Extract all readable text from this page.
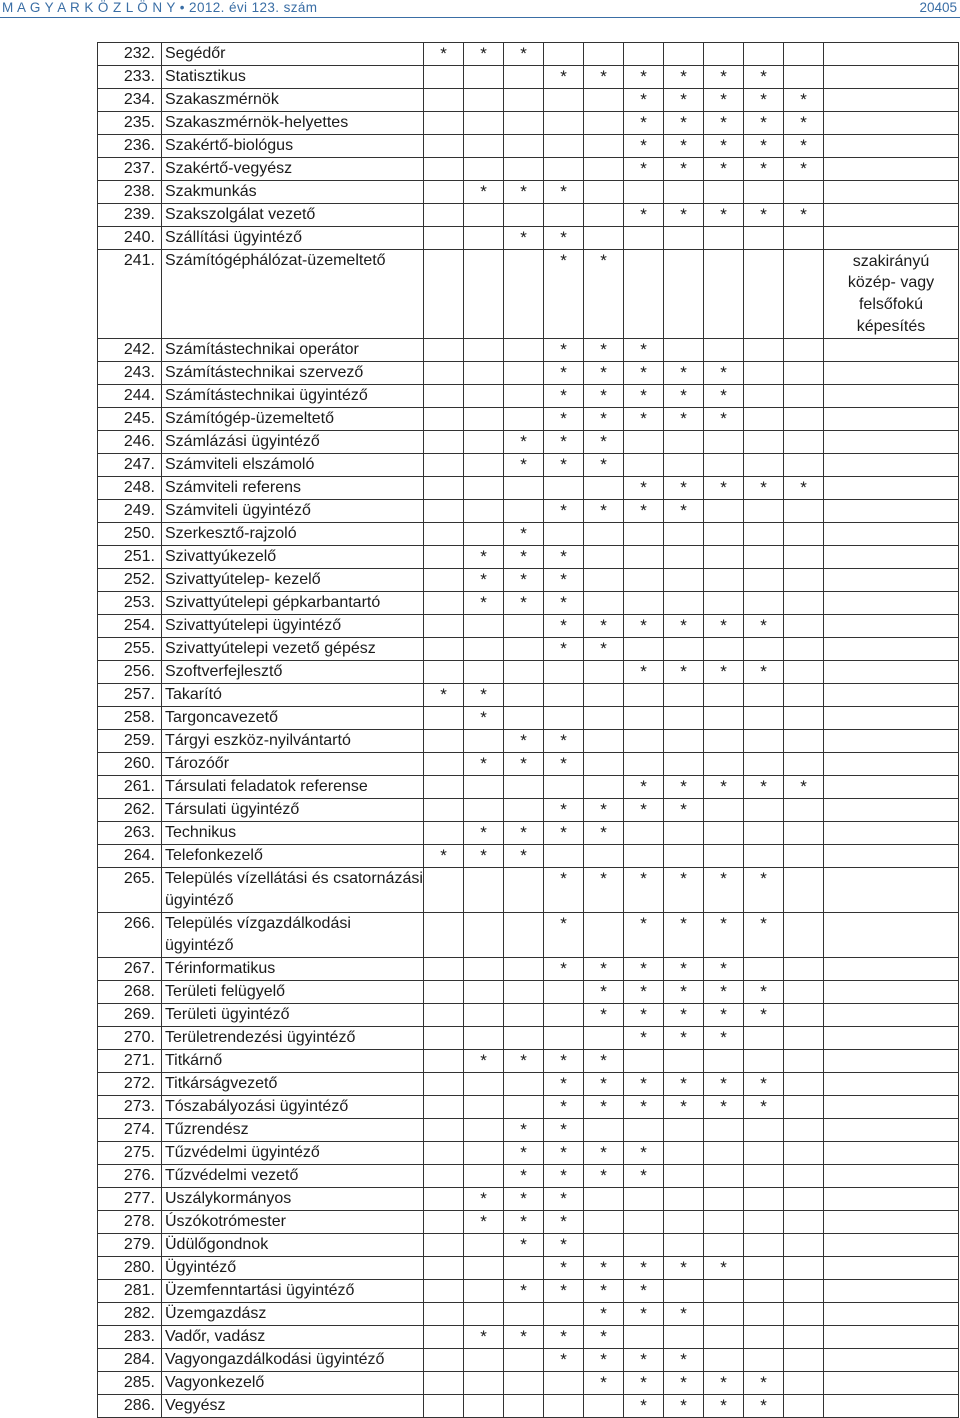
M A G Y A R K Ö Z L Ö N Y • 2012. évi 123. szám	20405
232.	Segédőr	*	*	*								
233.	Statisztikus				*	*	*	*	*	*		
234.	Szakaszmérnök						*	*	*	*	*	
235.	Szakaszmérnök-helyettes						*	*	*	*	*	
236.	Szakértő-biológus						*	*	*	*	*	
237.	Szakértő-vegyész						*	*	*	*	*	
238.	Szakmunkás		*	*	*							
239.	Szakszolgálat vezető						*	*	*	*	*	
240.	Szállítási ügyintéző			*	*							
241.	Számítógéphálózat-üzemeltető				*	*						szakirányú
közép- vagy
felsőfokú
képesítés

242.	Számítástechnikai operátor				*	*	*					
243.	Számítástechnikai szervező				*	*	*	*	*			
244.	Számítástechnikai ügyintéző				*	*	*	*	*			
245.	Számítógép-üzemeltető				*	*	*	*	*			
246.	Számlázási ügyintéző			*	*	*						
247.	Számviteli elszámoló			*	*	*						
248.	Számviteli referens						*	*	*	*	*	
249.	Számviteli ügyintéző				*	*	*	*				
250.	Szerkesztő-rajzoló			*								
251.	Szivattyúkezelő		*	*	*							
252.	Szivattyútelep- kezelő		*	*	*							
253.	Szivattyútelepi gépkarbantartó		*	*	*							
254.	Szivattyútelepi ügyintéző				*	*	*	*	*	*		
255.	Szivattyútelepi vezető gépész				*	*						
256.	Szoftverfejlesztő						*	*	*	*		
257.	Takarító	*	*									
258.	Targoncavezető		*									
259.	Tárgyi eszköz-nyilvántartó			*	*							
260.	Tározóőr		*	*	*							
261.	Társulati feladatok referense						*	*	*	*	*	
262.	Társulati ügyintéző				*	*	*	*				
263.	Technikus		*	*	*	*						
264.	Telefonkezelő	*	*	*								
265.	Település vízellátási és csatornázási ügyintéző				*	*	*	*	*	*		
266.	Település vízgazdálkodási ügyintéző				*		*	*	*	*		
267.	Térinformatikus				*	*	*	*	*			
268.	Területi felügyelő					*	*	*	*	*		
269.	Területi ügyintéző					*	*	*	*	*		
270.	Területrendezési ügyintéző						*	*	*			
271.	Titkárnő		*	*	*	*						
272.	Titkárságvezető				*	*	*	*	*	*		
273.	Tószabályozási ügyintéző				*	*	*	*	*	*		
274.	Tűzrendész			*	*							
275.	Tűzvédelmi ügyintéző			*	*	*	*					
276.	Tűzvédelmi vezető			*	*	*	*					
277.	Uszálykormányos		*	*	*							
278.	Úszókotrómester		*	*	*							
279.	Üdülőgondnok			*	*							
280.	Ügyintéző				*	*	*	*	*			
281.	Üzemfenntartási ügyintéző			*	*	*	*					
282.	Üzemgazdász					*	*	*				
283.	Vadőr, vadász		*	*	*	*						
284.	Vagyongazdálkodási ügyintéző				*	*	*	*				
285.	Vagyonkezelő					*	*	*	*	*		
286.	Vegyész						*	*	*	*		
